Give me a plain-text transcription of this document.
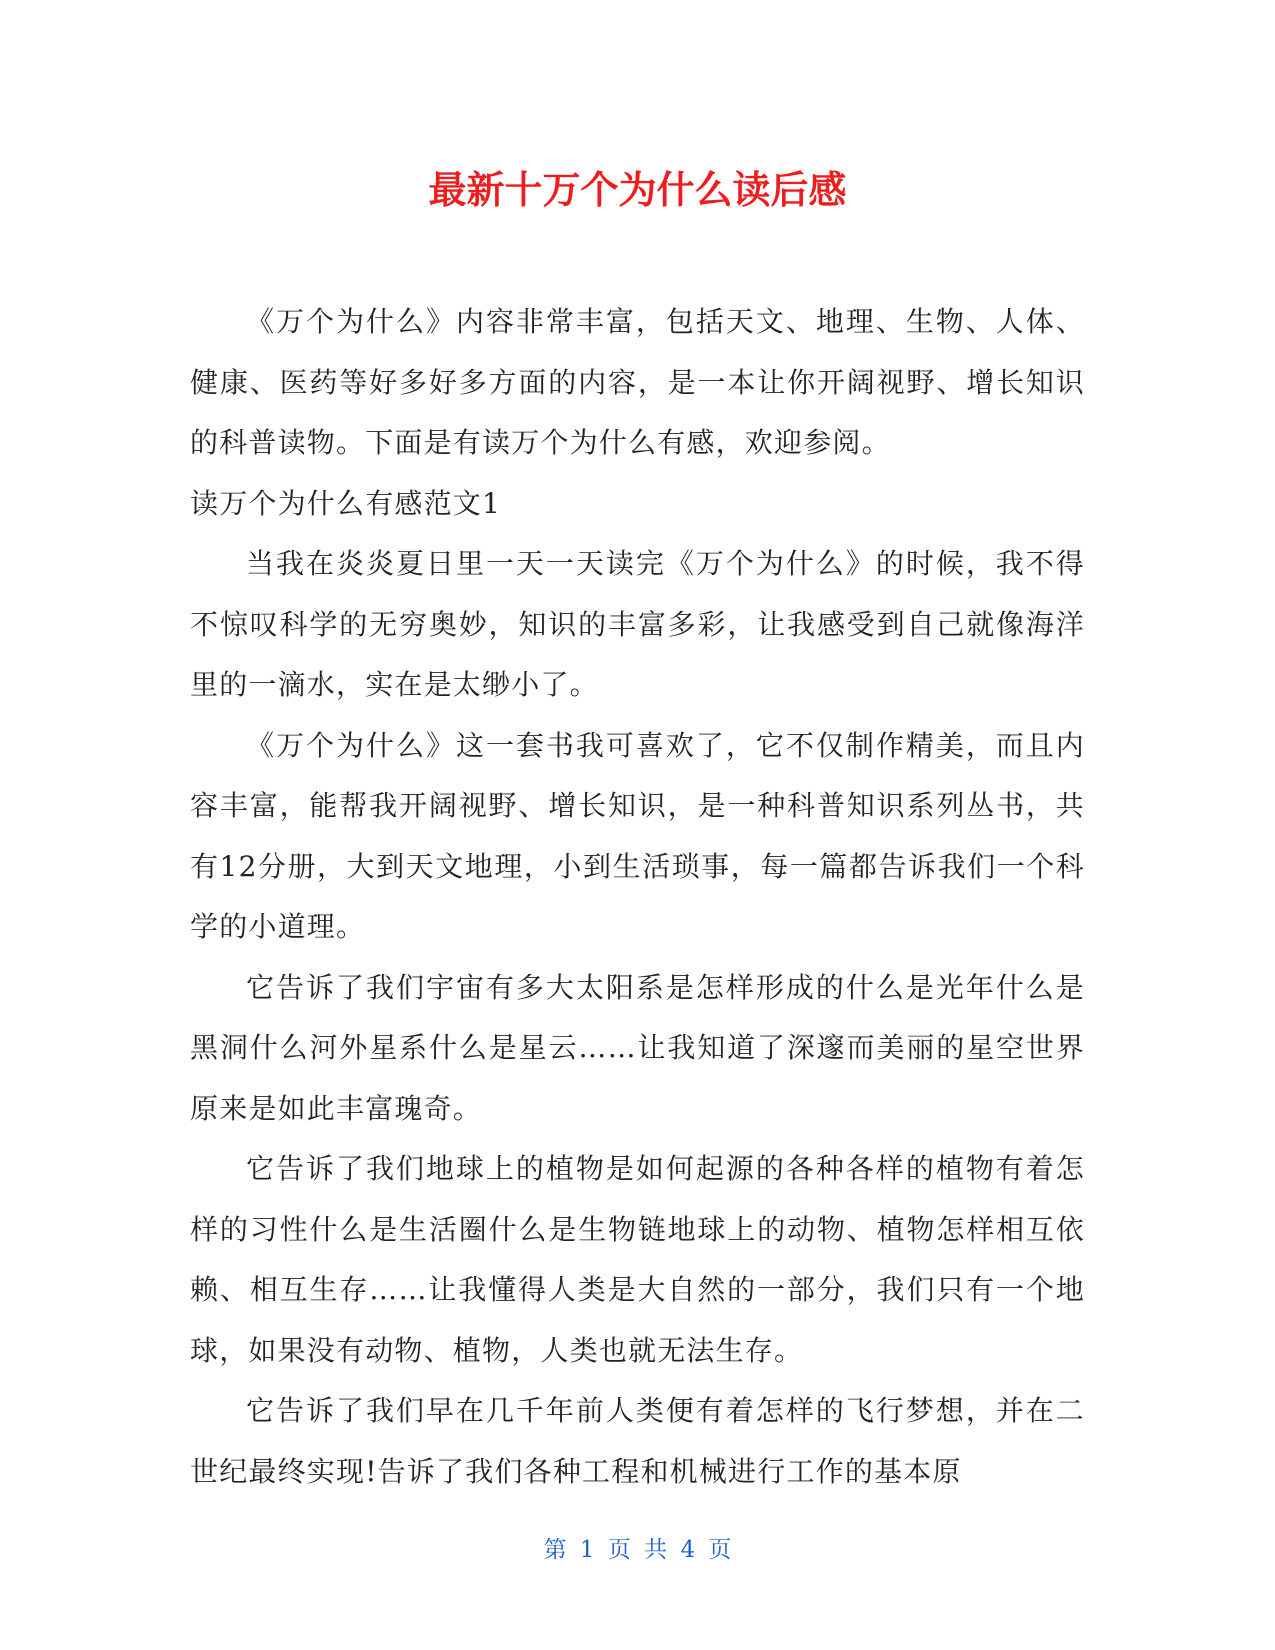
最新十万个为什么读后感

《万个为什么》内容非常丰富，包括天文、地理、生物、人体、健康、医药等好多好多方面的内容，是一本让你开阔视野、增长知识的科普读物。下面是有读万个为什么有感，欢迎参阅。

读万个为什么有感范文1

当我在炎炎夏日里一天一天读完《万个为什么》的时候，我不得不惊叹科学的无穷奥妙，知识的丰富多彩，让我感受到自己就像海洋里的一滴水，实在是太缈小了。

《万个为什么》这一套书我可喜欢了，它不仅制作精美，而且内容丰富，能帮我开阔视野、增长知识，是一种科普知识系列丛书，共有12分册，大到天文地理，小到生活琐事，每一篇都告诉我们一个科学的小道理。

它告诉了我们宇宙有多大太阳系是怎样形成的什么是光年什么是黑洞什么河外星系什么是星云……让我知道了深邃而美丽的星空世界原来是如此丰富瑰奇。

它告诉了我们地球上的植物是如何起源的各种各样的植物有着怎样的习性什么是生活圈什么是生物链地球上的动物、植物怎样相互依赖、相互生存……让我懂得人类是大自然的一部分，我们只有一个地球，如果没有动物、植物，人类也就无法生存。

它告诉了我们早在几千年前人类便有着怎样的飞行梦想，并在二世纪最终实现!告诉了我们各种工程和机械进行工作的基本原

第 1 页 共 4 页
